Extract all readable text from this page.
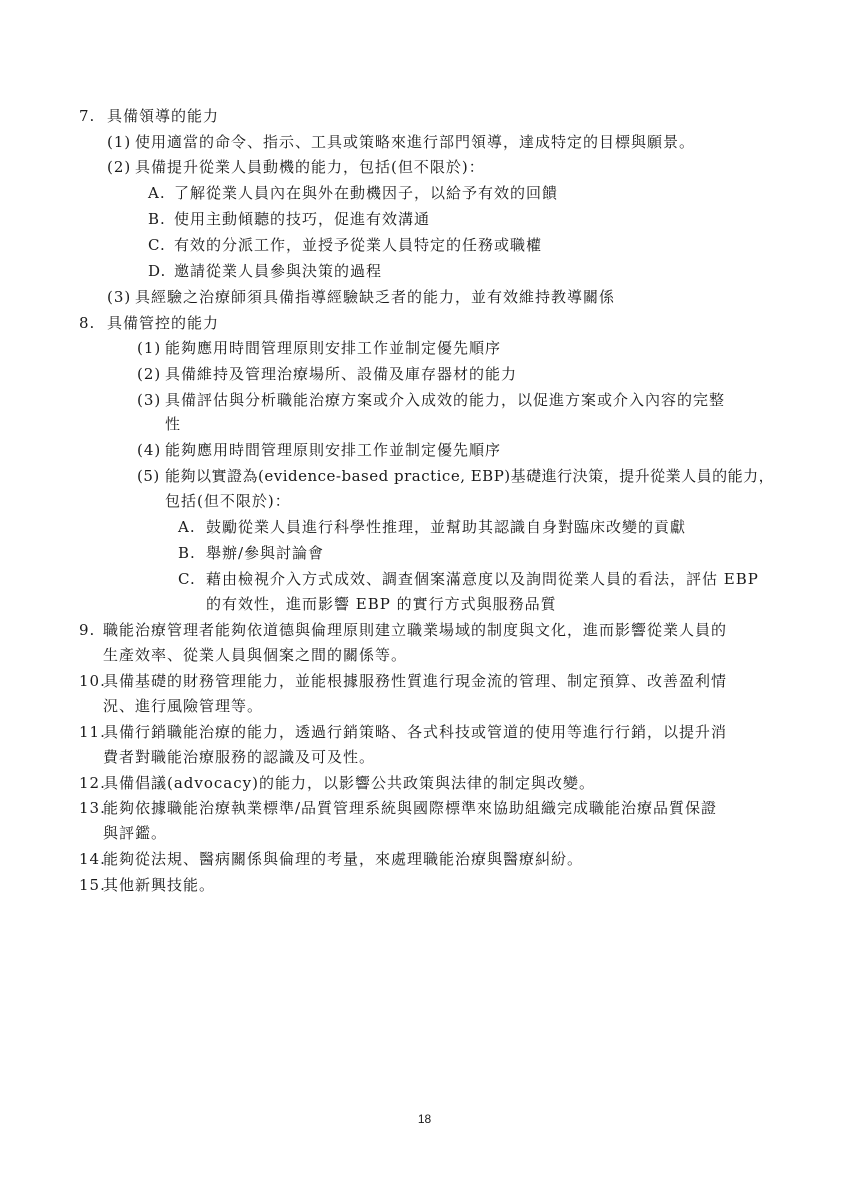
7. 具備領導的能力
(1) 使用適當的命令、指示、工具或策略來進行部門領導，達成特定的目標與願景。
(2) 具備提升從業人員動機的能力，包括(但不限於)：
A. 了解從業人員內在與外在動機因子，以給予有效的回饋
B. 使用主動傾聽的技巧，促進有效溝通
C. 有效的分派工作，並授予從業人員特定的任務或職權
D. 邀請從業人員參與決策的過程
(3) 具經驗之治療師須具備指導經驗缺乏者的能力，並有效維持教導關係
8. 具備管控的能力
(1) 能夠應用時間管理原則安排工作並制定優先順序
(2) 具備維持及管理治療場所、設備及庫存器材的能力
(3) 具備評估與分析職能治療方案或介入成效的能力，以促進方案或介入內容的完整
性
(4) 能夠應用時間管理原則安排工作並制定優先順序
(5) 能夠以實證為(evidence-based practice, EBP)基礎進行決策，提升從業人員的能力，
包括(但不限於)：
A. 鼓勵從業人員進行科學性推理，並幫助其認識自身對臨床改變的貢獻
B. 舉辦/參與討論會
C. 藉由檢視介入方式成效、調查個案滿意度以及詢問從業人員的看法，評估 EBP
的有效性，進而影響 EBP 的實行方式與服務品質
9. 職能治療管理者能夠依道德與倫理原則建立職業場域的制度與文化，進而影響從業人員的
生產效率、從業人員與個案之間的關係等。
10.具備基礎的財務管理能力，並能根據服務性質進行現金流的管理、制定預算、改善盈利情
況、進行風險管理等。
11.具備行銷職能治療的能力，透過行銷策略、各式科技或管道的使用等進行行銷，以提升消
費者對職能治療服務的認識及可及性。
12.具備倡議(advocacy)的能力，以影響公共政策與法律的制定與改變。
13.能夠依據職能治療執業標準/品質管理系統與國際標準來協助組織完成職能治療品質保證
與評鑑。
14.能夠從法規、醫病關係與倫理的考量，來處理職能治療與醫療糾紛。
15.其他新興技能。
18
